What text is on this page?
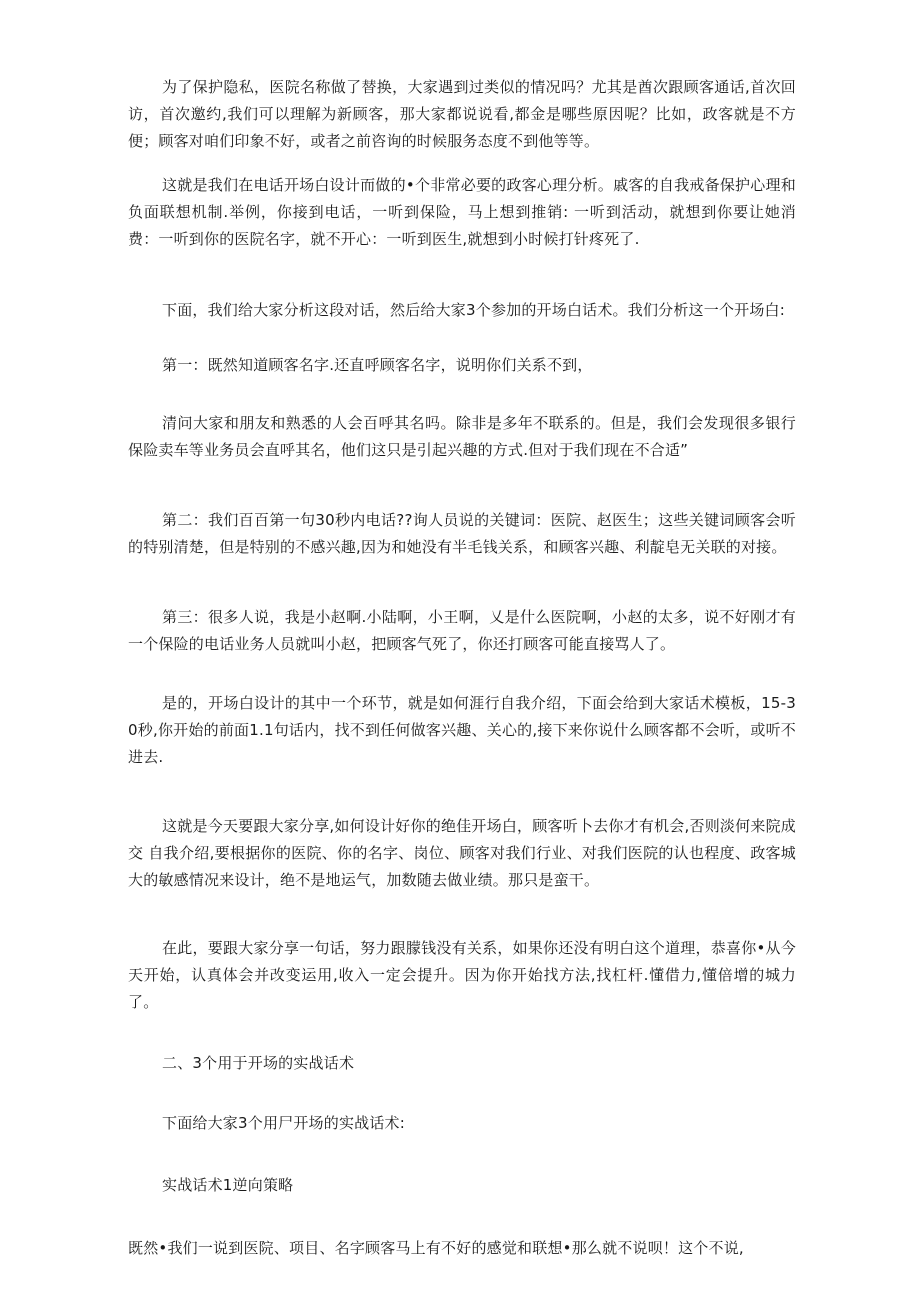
为了保护隐私，医院名称做了替换，大家遇到过类似的情况吗？尤其是酋次跟顾客通话,首次回访，首次邀约,我们可以理解为新顾客，那大家都说说看,都金是哪些原因呢？比如，政客就是不方便；顾客对咱们印象不好，或者之前咨询的时候服务态度不到他等等。

这就是我们在电话开场白设计而做的•个非常必要的政客心理分析。戚客的自我戒备保护心理和负面联想机制.举例，你接到电话，一听到保险，马上想到推销: 一听到活动，就想到你要让她消费：一听到你的医院名字，就不开心：一听到医生,就想到小时候打针疼死了.

下面，我们给大家分析这段对话，然后给大家3个参加的开场白话术。我们分析这一个开场白:

第一：既然知道顾客名字.还直呼顾客名字，说明你们关系不到，

清问大家和朋友和熟悉的人会百呼其名吗。除非是多年不联系的。但是，我们会发现很多银行保险卖车等业务员会直呼其名，他们这只是引起兴趣的方式.但对于我们现在不合适”

第二：我们百百第一句30秒内电话??询人员说的关键词：医院、赵医生；这些关键词顾客会听的特别清楚，但是特别的不感兴趣,因为和她没有半毛钱关系，和顾客兴趣、利靛皂无关联的对接。

第三：很多人说，我是小赵啊.小陆啊，小王啊，乂是什么医院啊，小赵的太多，说不好刚才有一个保险的电话业务人员就叫小赵，把顾客气死了，你还打顾客可能直接骂人了。

是的，开场白设计的其中一个环节，就是如何涯行自我介绍，下面会给到大家话术模板，15-30秒,你开始的前面1.1句话内，找不到任何做客兴趣、关心的,接下来你说什么顾客都不会听，或听不进去.

这就是今天要跟大家分享,如何设计好你的绝佳开场白，顾客听卜去你才有机会,否则淡何来院成交 自我介绍,要根据你的医院、你的名字、岗位、顾客对我们行业、对我们医院的认也程度、政客城大的敏感情况来设计，绝不是地运气，加数随去做业绩。那只是蛮干。

在此，要跟大家分享一句话，努力跟朦钱没有关系，如果你还没有明白这个道理，恭喜你•从今天开始，认真体会并改变运用,收入一定会提升。因为你开始找方法,找杠杆.懂借力,懂倍增的城力了。

二、3个用于开场的实战话术

下面给大家3个用尸开场的实战话术:

实战话术1逆向策略

既然•我们一说到医院、项目、名字顾客马上有不好的感觉和联想•那么就不说呗！这个不说,
